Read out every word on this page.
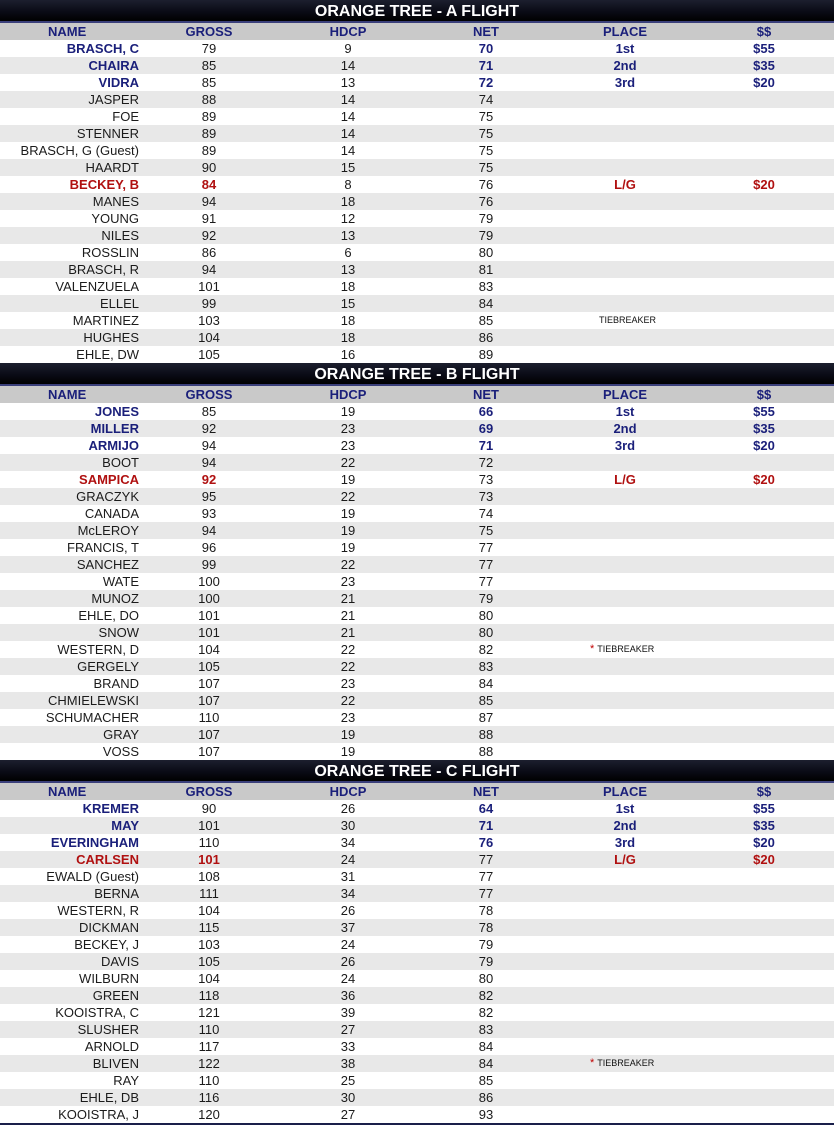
ORANGE TREE - A FLIGHT
NAME	GROSS	HDCP	NET	PLACE	$$
BRASCH, C	79	9	70	1st	$55
CHAIRA	85	14	71	2nd	$35
VIDRA	85	13	72	3rd	$20
JASPER	88	14	74
FOE	89	14	75
STENNER	89	14	75
BRASCH, G (Guest)	89	14	75
HAARDT	90	15	75
BECKEY, B	84	8	76	L/G	$20
MANES	94	18	76
YOUNG	91	12	79
NILES	92	13	79
ROSSLIN	86	6	80
BRASCH, R	94	13	81
VALENZUELA	101	18	83
ELLEL	99	15	84
MARTINEZ	103	18	85	TIEBREAKER
HUGHES	104	18	86
EHLE, DW	105	16	89
ORANGE TREE - B FLIGHT
NAME	GROSS	HDCP	NET	PLACE	$$
JONES	85	19	66	1st	$55
MILLER	92	23	69	2nd	$35
ARMIJO	94	23	71	3rd	$20
BOOT	94	22	72
SAMPICA	92	19	73	L/G	$20
GRACZYK	95	22	73
CANADA	93	19	74
McLEROY	94	19	75
FRANCIS, T	96	19	77
SANCHEZ	99	22	77
WATE	100	23	77
MUNOZ	100	21	79
EHLE, DO	101	21	80
SNOW	101	21	80
WESTERN, D	104	22	82	* TIEBREAKER
GERGELY	105	22	83
BRAND	107	23	84
CHMIELEWSKI	107	22	85
SCHUMACHER	110	23	87
GRAY	107	19	88
VOSS	107	19	88
ORANGE TREE - C FLIGHT
NAME	GROSS	HDCP	NET	PLACE	$$
KREMER	90	26	64	1st	$55
MAY	101	30	71	2nd	$35
EVERINGHAM	110	34	76	3rd	$20
CARLSEN	101	24	77	L/G	$20
EWALD (Guest)	108	31	77
BERNA	111	34	77
WESTERN, R	104	26	78
DICKMAN	115	37	78
BECKEY, J	103	24	79
DAVIS	105	26	79
WILBURN	104	24	80
GREEN	118	36	82
KOOISTRA, C	121	39	82
SLUSHER	110	27	83
ARNOLD	117	33	84
BLIVEN	122	38	84	* TIEBREAKER
RAY	110	25	85
EHLE, DB	116	30	86
KOOISTRA, J	120	27	93
